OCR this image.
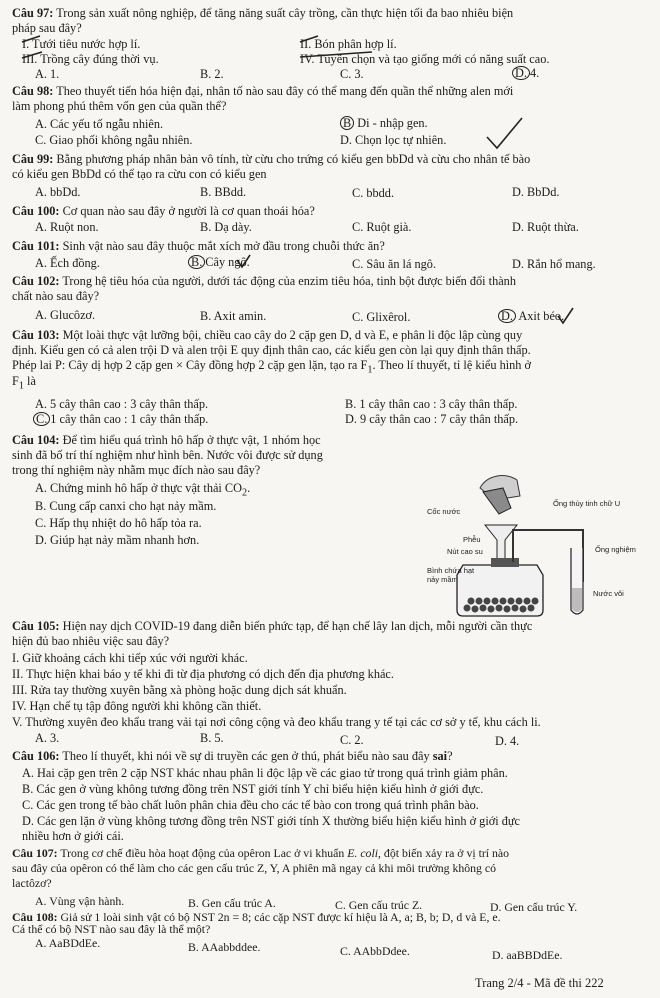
Câu 97: Trong sản xuất nông nghiệp, để tăng năng suất cây trồng, cần thực hiện tối đa bao nhiêu biện
pháp sau đây?
I. Tưới tiêu nước hợp lí.	II. Bón phân hợp lí.
III. Trồng cây đúng thời vụ.	IV. Tuyển chọn và tạo giống mới có năng suất cao.
A. 1.	B. 2.	C. 3.	D. 4.
Câu 98: Theo thuyết tiến hóa hiện đại, nhân tố nào sau đây có thể mang đến quần thể những alen mới
làm phong phú thêm vốn gen của quần thể?
A. Các yếu tố ngẫu nhiên.	B Di - nhập gen.
C. Giao phối không ngẫu nhiên.	D. Chọn lọc tự nhiên.
Câu 99: Bằng phương pháp nhân bản vô tính, từ cừu cho trứng có kiểu gen bbDd và cừu cho nhân tế bào
có kiểu gen BbDd có thể tạo ra cừu con có kiểu gen
A. bbDd.	B. BBdd.	C. bbdd.	D. BbDd.
Câu 100: Cơ quan nào sau đây ở người là cơ quan thoái hóa?
A. Ruột non.	B. Dạ dày.	C. Ruột già.	D. Ruột thừa.
Câu 101: Sinh vật nào sau đây thuộc mắt xích mở đầu trong chuỗi thức ăn?
A. Ếch đồng.	B. Cây ngô.	C. Sâu ăn lá ngô.	D. Rắn hổ mang.
Câu 102: Trong hệ tiêu hóa của người, dưới tác động của enzim tiêu hóa, tinh bột được biến đổi thành
chất nào sau đây?
A. Glucôzơ.	B. Axit amin.	C. Glixêrol.	D. Axit béo.
Câu 103: Một loài thực vật lưỡng bội, chiều cao cây do 2 cặp gen D, d và E, e phân li độc lập cùng quy
định. Kiểu gen có cả alen trội D và alen trội E quy định thân cao, các kiểu gen còn lại quy định thân thấp.
Phép lai P: Cây dị hợp 2 cặp gen × Cây đồng hợp 2 cặp gen lặn, tạo ra $F_1$. Theo lí thuyết, tỉ lệ kiểu hình ở
$F_1$ là
A. 5 cây thân cao : 3 cây thân thấp.	B. 1 cây thân cao : 3 cây thân thấp.
C. 1 cây thân cao : 1 cây thân thấp.	D. 9 cây thân cao : 7 cây thân thấp.
Câu 104: Để tìm hiểu quá trình hô hấp ở thực vật, 1 nhóm học
sinh đã bố trí thí nghiệm như hình bên. Nước vôi được sử dụng
trong thí nghiệm này nhằm mục đích nào sau đây?
A. Chứng minh hô hấp ở thực vật thải $CO_2$.
B. Cung cấp canxi cho hạt nảy mầm.
C. Hấp thụ nhiệt do hô hấp tỏa ra.
D. Giúp hạt nảy mầm nhanh hơn.
Cốc nước
Ống thủy tinh chữ U
Phễu
Nút cao su	Ống nghiệm
Bình chứa hạt
nảy mầm
Nước vôi
Câu 105: Hiện nay dịch COVID-19 đang diễn biến phức tạp, để hạn chế lây lan dịch, mỗi người cần thực
hiện đủ bao nhiêu việc sau đây?
I. Giữ khoảng cách khi tiếp xúc với người khác.
II. Thực hiện khai báo y tế khi đi từ địa phương có dịch đến địa phương khác.
III. Rửa tay thường xuyên bằng xà phòng hoặc dung dịch sát khuẩn.
IV. Hạn chế tụ tập đông người khi không cần thiết.
V. Thường xuyên đeo khẩu trang vải tại nơi công cộng và đeo khẩu trang y tế tại các cơ sở y tế, khu cách li.
A. 3.	B. 5.	C. 2.	D. 4.
Câu 106: Theo lí thuyết, khi nói về sự di truyền các gen ở thú, phát biểu nào sau đây sai?
A. Hai cặp gen trên 2 cặp NST khác nhau phân li độc lập về các giao tử trong quá trình giảm phân.
B. Các gen ở vùng không tương đồng trên NST giới tính Y chỉ biểu hiện kiểu hình ở giới đực.
C. Các gen trong tế bào chất luôn phân chia đều cho các tế bào con trong quá trình phân bào.
D. Các gen lặn ở vùng không tương đồng trên NST giới tính X thường biểu hiện kiểu hình ở giới đực
nhiều hơn ở giới cái.
Câu 107: Trong cơ chế điều hòa hoạt động của opêron Lac ở vi khuẩn E. coli, đột biến xảy ra ở vị trí nào
sau đây của opêron có thể làm cho các gen cấu trúc Z, Y, A phiên mã ngay cả khi môi trường không có
lactôzơ?
A. Vùng vận hành.	B. Gen cấu trúc A.	C. Gen cấu trúc Z.	D. Gen cấu trúc Y.
Câu 108: Giả sử 1 loài sinh vật có bộ NST 2n = 8; các cặp NST được kí hiệu là A, a; B, b; D, d và E, e.
Cá thể có bộ NST nào sau đây là thể một?
A. AaBDdEe.	B. AAabbddee.	C. AAbbDdee.	D. aaBBDdEe.
Trang 2/4 - Mã đề thi 222
